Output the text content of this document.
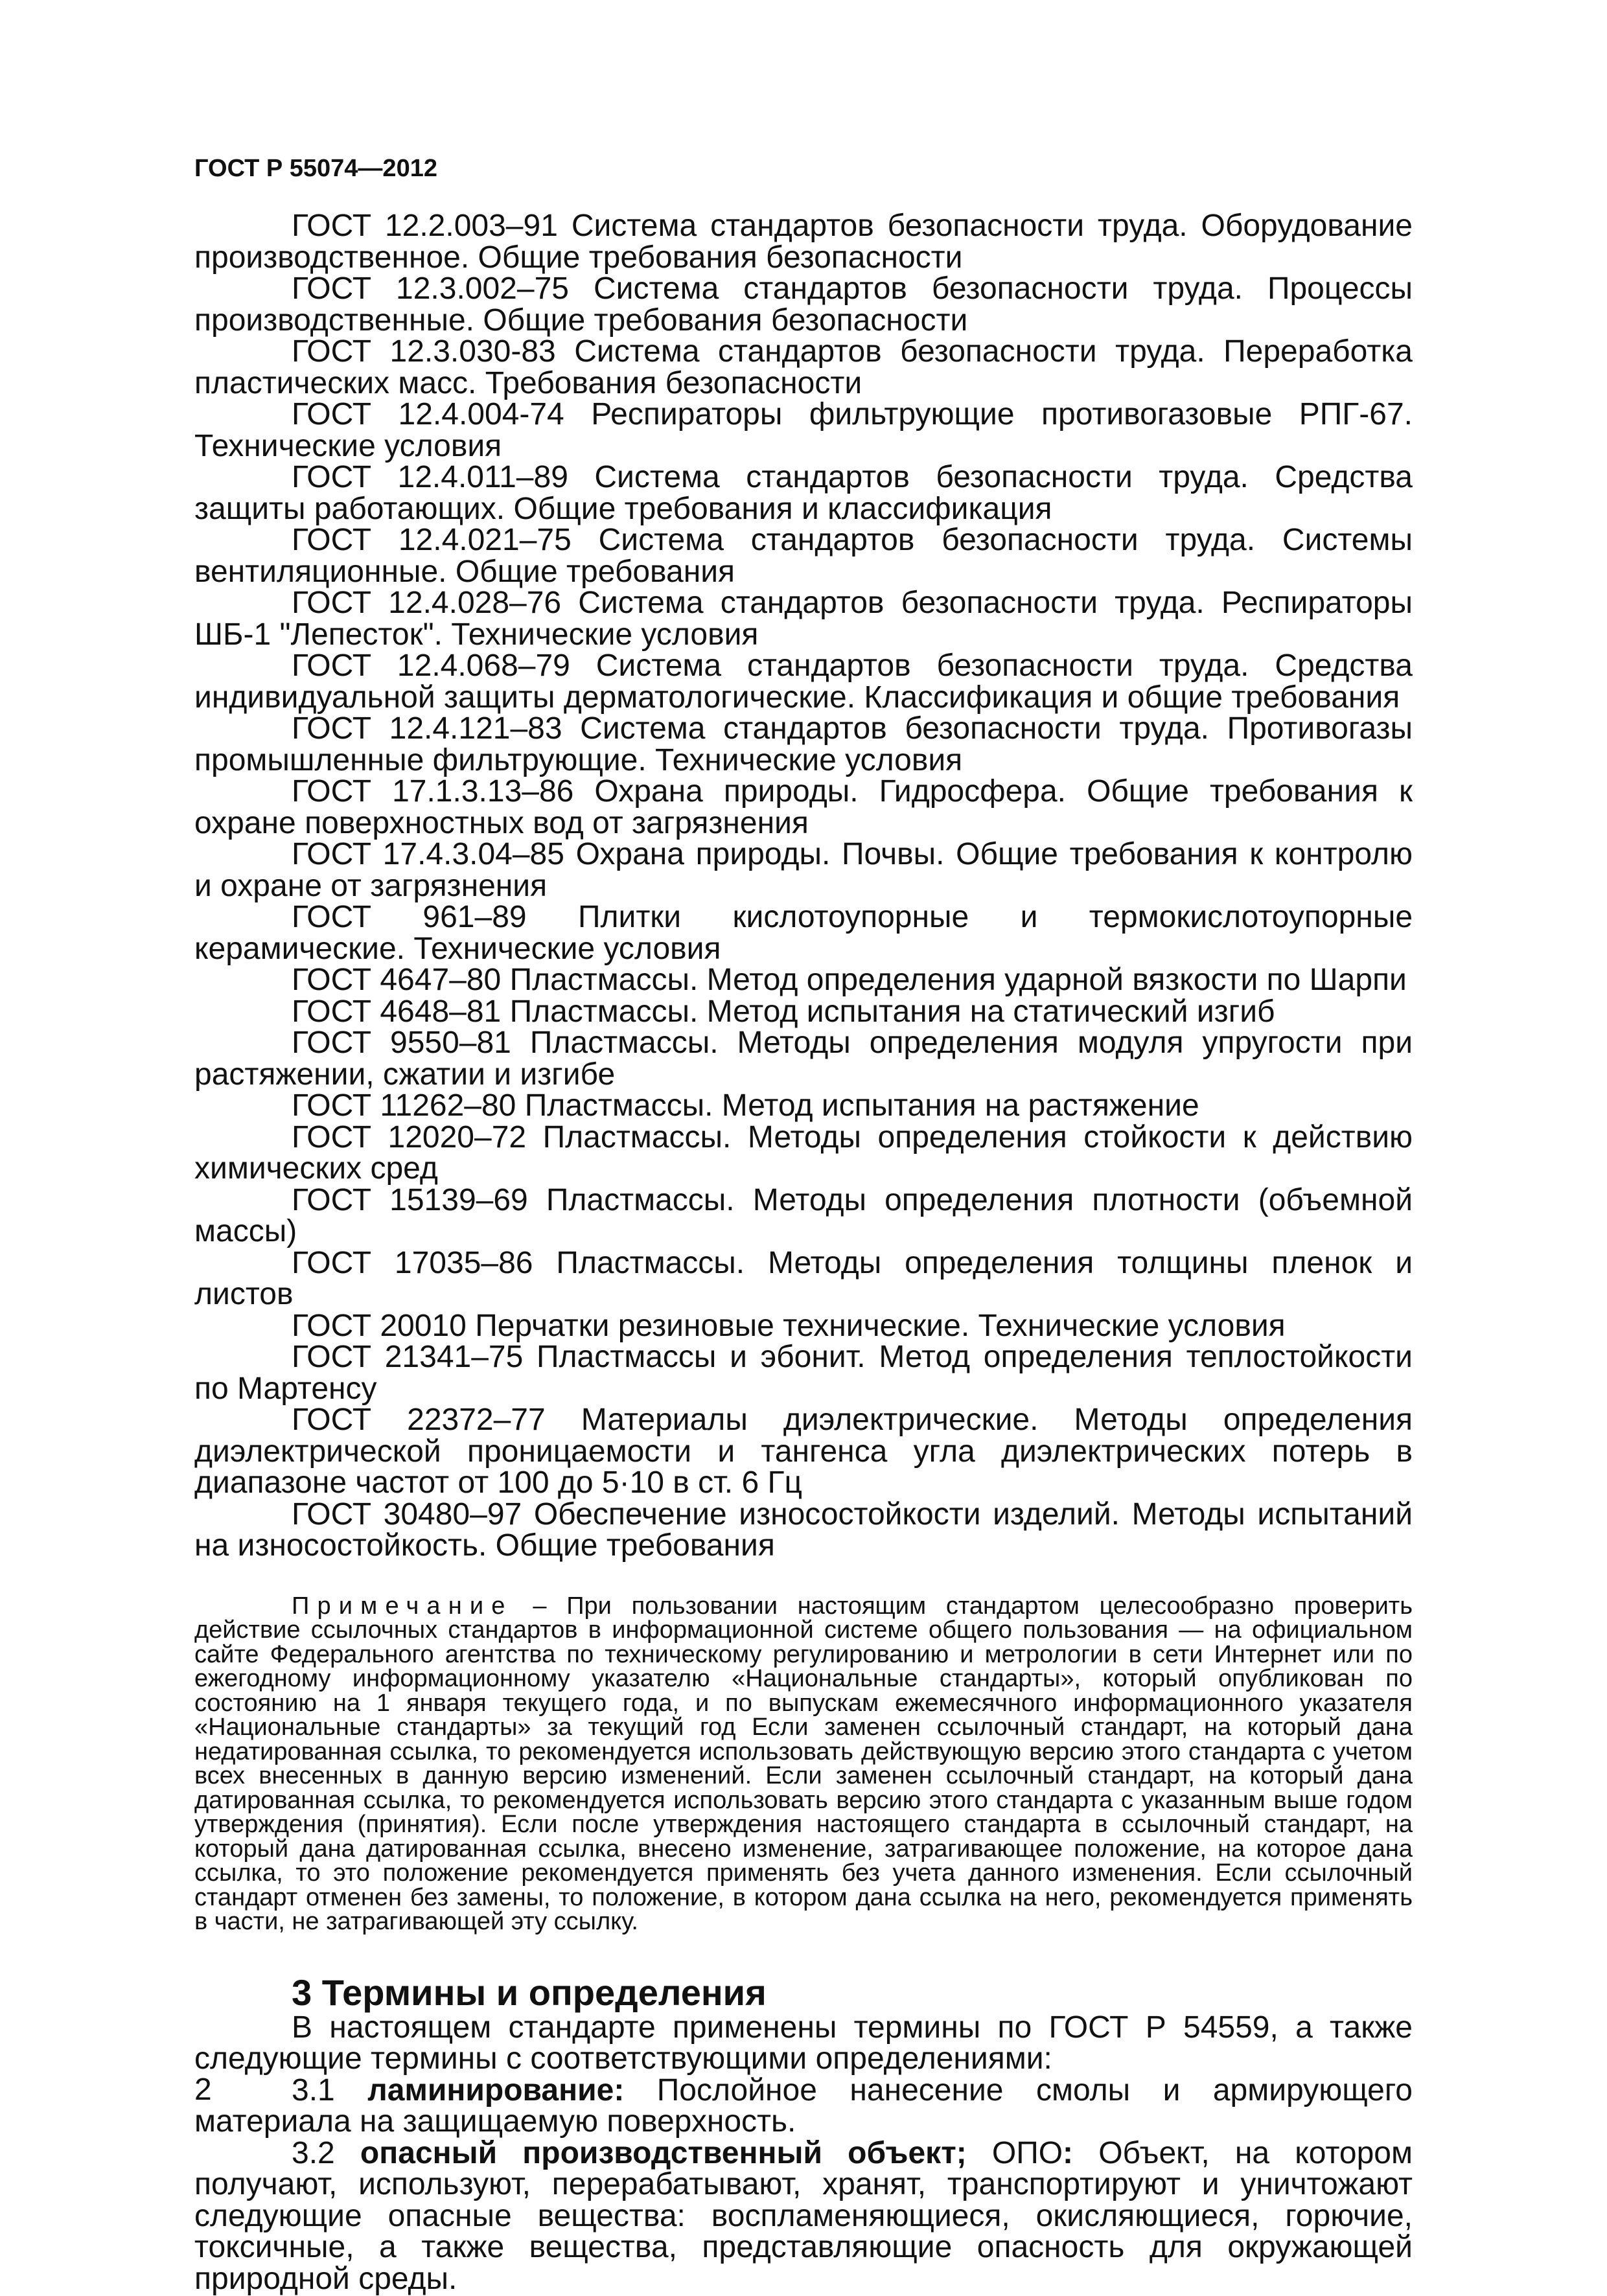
ГОСТ Р 55074—2012

ГОСТ 12.2.003–91 Система стандартов безопасности труда. Оборудование производственное. Общие требования безопасности

ГОСТ 12.3.002–75 Система стандартов безопасности труда. Процессы производственные. Общие требования безопасности

ГОСТ 12.3.030-83 Система стандартов безопасности труда. Переработка пластических масс. Требования безопасности

ГОСТ 12.4.004-74 Респираторы фильтрующие противогазовые РПГ-67. Технические условия

ГОСТ 12.4.011–89 Система стандартов безопасности труда. Средства защиты работающих. Общие требования и классификация

ГОСТ 12.4.021–75 Система стандартов безопасности труда. Системы вентиляционные. Общие требования

ГОСТ 12.4.028–76 Система стандартов безопасности труда. Респираторы ШБ-1 "Лепесток". Технические условия

ГОСТ 12.4.068–79 Система стандартов безопасности труда. Средства индивидуальной защиты дерматологические. Классификация и общие требования

ГОСТ 12.4.121–83 Система стандартов безопасности труда. Противогазы промышленные фильтрующие. Технические условия

ГОСТ 17.1.3.13–86 Охрана природы. Гидросфера. Общие требования к охране поверхностных вод от загрязнения

ГОСТ 17.4.3.04–85 Охрана природы. Почвы. Общие требования к контролю и охране от загрязнения

ГОСТ 961–89 Плитки кислотоупорные и термокислотоупорные керамические. Технические условия

ГОСТ 4647–80 Пластмассы. Метод определения ударной вязкости по Шарпи

ГОСТ 4648–81 Пластмассы. Метод испытания на статический изгиб

ГОСТ 9550–81 Пластмассы. Методы определения модуля упругости при растяжении, сжатии и изгибе

ГОСТ 11262–80 Пластмассы. Метод испытания на растяжение

ГОСТ 12020–72 Пластмассы. Методы определения стойкости к действию химических сред

ГОСТ 15139–69 Пластмассы. Методы определения плотности (объемной массы)

ГОСТ 17035–86 Пластмассы. Методы определения толщины пленок и листов

ГОСТ 20010 Перчатки резиновые технические. Технические условия

ГОСТ 21341–75 Пластмассы и эбонит. Метод определения теплостойкости по Мартенсу

ГОСТ 22372–77 Материалы диэлектрические. Методы определения диэлектрической проницаемости и тангенса угла диэлектрических потерь в диапазоне частот от 100 до 5·10 в ст. 6 Гц

ГОСТ 30480–97 Обеспечение износостойкости изделий. Методы испытаний на износостойкость. Общие требования

Примечание – При пользовании настоящим стандартом целесообразно проверить действие ссылочных стандартов в информационной системе общего пользования — на официальном сайте Федерального агентства по техническому регулированию и метрологии в сети Интернет или по ежегодному информационному указателю «Национальные стандарты», который опубликован по состоянию на 1 января текущего года, и по выпускам ежемесячного информационного указателя «Национальные стандарты» за текущий год Если заменен ссылочный стандарт, на который дана недатированная ссылка, то рекомендуется использовать действующую версию этого стандарта с учетом всех внесенных в данную версию изменений. Если заменен ссылочный стандарт, на который дана датированная ссылка, то рекомендуется использовать версию этого стандарта с указанным выше годом утверждения (принятия). Если после утверждения настоящего стандарта в ссылочный стандарт, на который дана датированная ссылка, внесено изменение, затрагивающее положение, на которое дана ссылка, то это положение рекомендуется применять без учета данного изменения. Если ссылочный стандарт отменен без замены, то положение, в котором дана ссылка на него, рекомендуется применять в части, не затрагивающей эту ссылку.

3 Термины и определения

В настоящем стандарте применены термины по ГОСТ Р 54559, а также следующие термины с соответствующими определениями:

3.1 ламинирование: Послойное нанесение смолы и армирующего материала на защищаемую поверхность.

3.2 опасный производственный объект; ОПО: Объект, на котором получают, используют, перерабатывают, хранят, транспортируют и уничтожают следующие опасные вещества: воспламеняющиеся, окисляющиеся, горючие, токсичные, а также вещества, представляющие опасность для окружающей природной среды.

2
